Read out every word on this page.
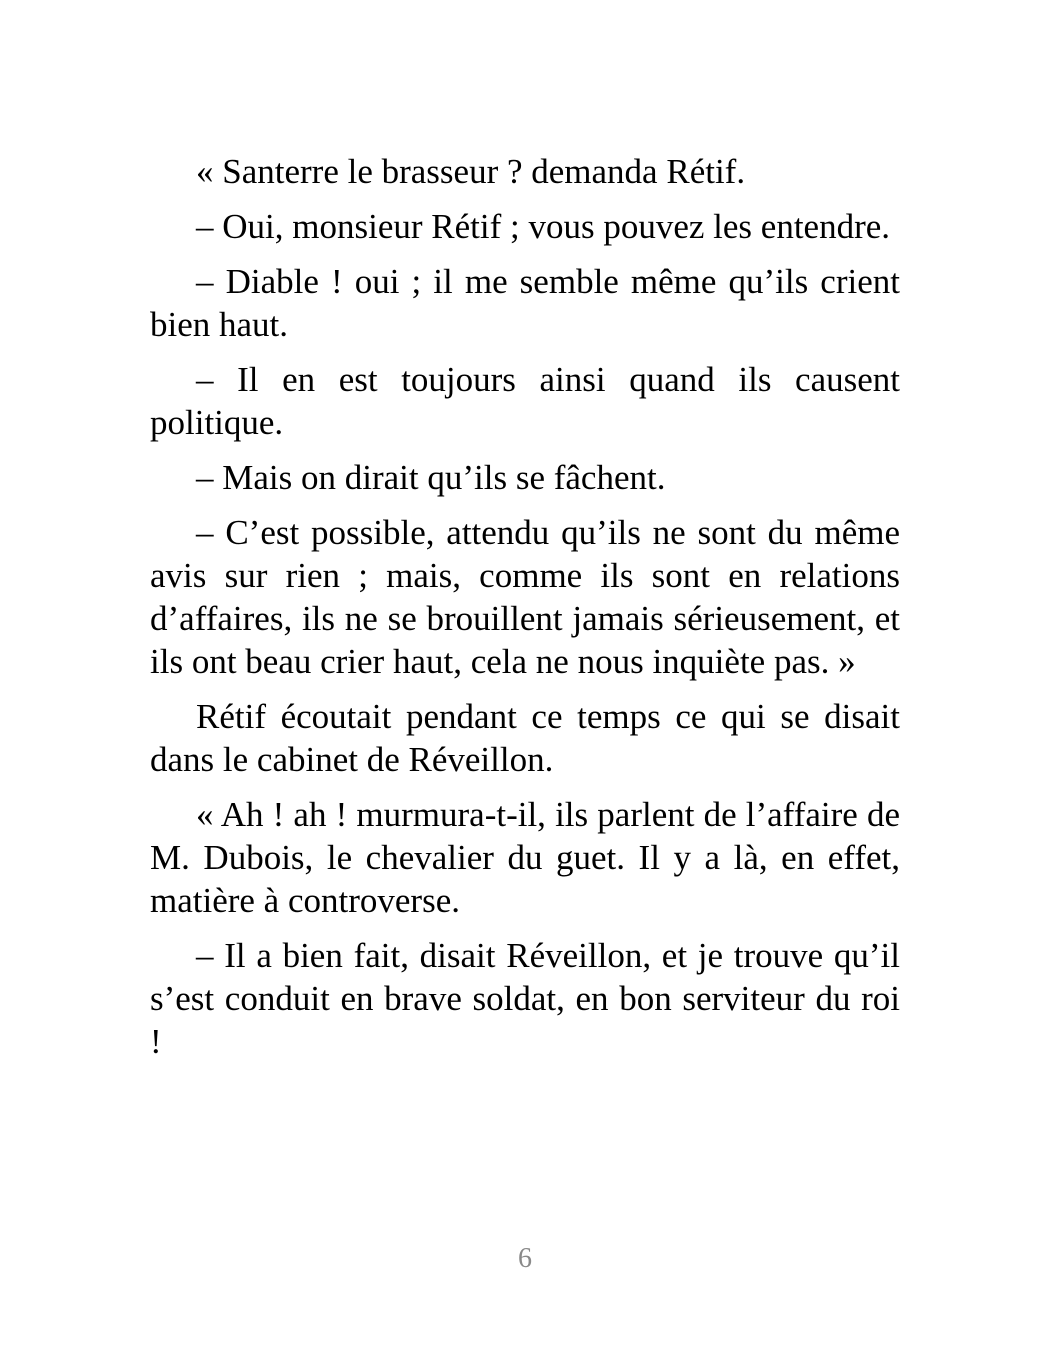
« Santerre le brasseur ? demanda Rétif.

– Oui, monsieur Rétif ; vous pouvez les entendre.

– Diable ! oui ; il me semble même qu’ils crient bien haut.

– Il en est toujours ainsi quand ils causent politique.

– Mais on dirait qu’ils se fâchent.

– C’est possible, attendu qu’ils ne sont du même avis sur rien ; mais, comme ils sont en relations d’affaires, ils ne se brouillent jamais sérieusement, et ils ont beau crier haut, cela ne nous inquiète pas. »

Rétif écoutait pendant ce temps ce qui se disait dans le cabinet de Réveillon.

« Ah ! ah ! murmura-t-il, ils parlent de l’affaire de M. Dubois, le chevalier du guet. Il y a là, en effet, matière à controverse.

– Il a bien fait, disait Réveillon, et je trouve qu’il s’est conduit en brave soldat, en bon serviteur du roi !

6
